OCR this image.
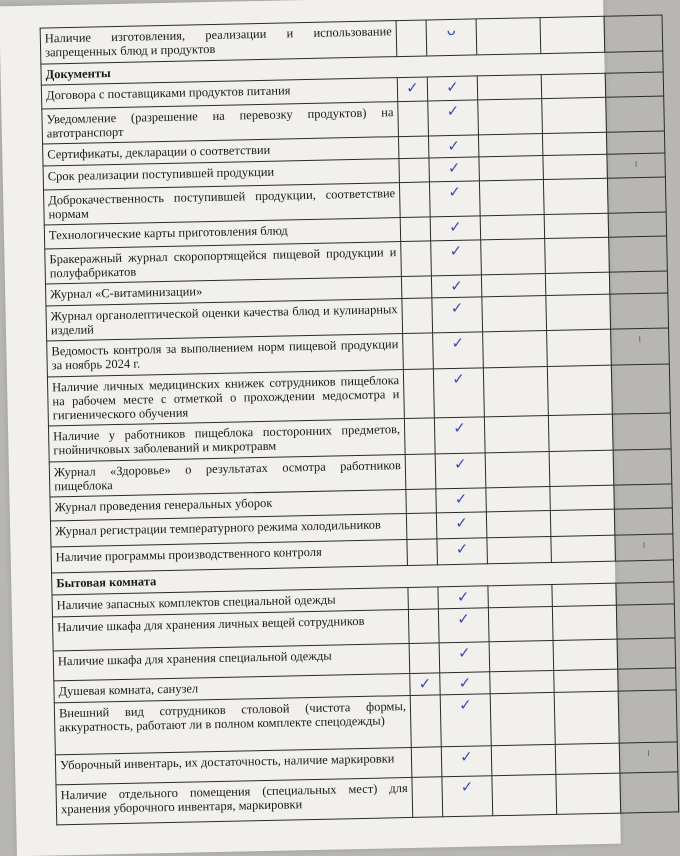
Наличие изготовления, реализации и использование запрещенных блюд и продуктов		ᴗ			
Документы					
Договора с поставщиками продуктов питания	✓	✓			
Уведомление (разрешение на перевозку продуктов) на автотранспорт		✓			
Сертификаты, декларации о соответствии		✓			
Срок реализации поступившей продукции		✓			ı
Доброкачественность поступившей продукции, соответствие нормам		✓			
Технологические карты приготовления блюд		✓			
Бракеражный журнал скоропортящейся пищевой продукции и полуфабрикатов		✓			
Журнал «С-витаминизации»		✓			
Журнал органолептической оценки качества блюд и кулинарных изделий		✓			
Ведомость контроля за выполнением норм пищевой продукции за ноябрь 2024 г.		✓			ı
Наличие личных медицинских книжек сотрудников пищеблока на рабочем месте с отметкой о прохождении медосмотра и гигиенического обучения		✓			
Наличие у работников пищеблока посторонних предметов, гнойничковых заболеваний и микротравм		✓			
Журнал «Здоровье» о результатах осмотра работников пищеблока		✓			
Журнал проведения генеральных уборок		✓			
Журнал регистрации температурного режима холодильников		✓			
Наличие программы производственного контроля		✓			ı
Бытовая комната					
Наличие запасных комплектов специальной одежды		✓			
Наличие шкафа для хранения личных вещей сотрудников		✓			
Наличие шкафа для хранения специальной одежды		✓			
Душевая комната, санузел	✓	✓			
Внешний вид сотрудников столовой (чистота формы, аккуратность, работают ли в полном комплекте спецодежды)		✓			
Уборочный инвентарь, их достаточность, наличие маркировки		✓			ı
Наличие отдельного помещения (специальных мест) для хранения уборочного инвентаря, маркировки		✓			
